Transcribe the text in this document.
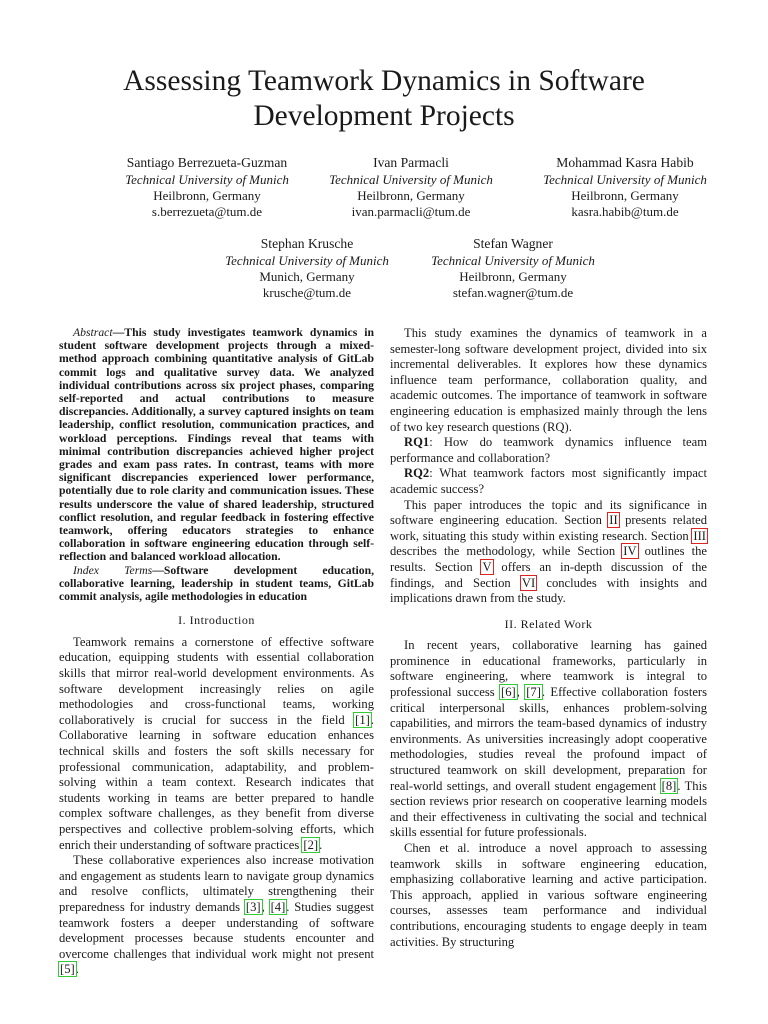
Assessing Teamwork Dynamics in Software Development Projects
Santiago Berrezueta-Guzman
Technical University of Munich
Heilbronn, Germany
s.berrezueta@tum.de
Ivan Parmacli
Technical University of Munich
Heilbronn, Germany
ivan.parmacli@tum.de
Mohammad Kasra Habib
Technical University of Munich
Heilbronn, Germany
kasra.habib@tum.de
Stephan Krusche
Technical University of Munich
Munich, Germany
krusche@tum.de
Stefan Wagner
Technical University of Munich
Heilbronn, Germany
stefan.wagner@tum.de

Abstract—This study investigates teamwork dynamics in student software development projects through a mixed-method approach combining quantitative analysis of GitLab commit logs and qualitative survey data. We analyzed individual contributions across six project phases, comparing self-reported and actual contributions to measure discrepancies. Additionally, a survey captured insights on team leadership, conflict resolution, communication practices, and workload perceptions. Findings reveal that teams with minimal contribution discrepancies achieved higher project grades and exam pass rates. In contrast, teams with more significant discrepancies experienced lower performance, potentially due to role clarity and communication issues. These results underscore the value of shared leadership, structured conflict resolution, and regular feedback in fostering effective teamwork, offering educators strategies to enhance collaboration in software engineering education through self-reflection and balanced workload allocation.

Index Terms—Software development education, collaborative learning, leadership in student teams, GitLab commit analysis, agile methodologies in education

I. Introduction

Teamwork remains a cornerstone of effective software education, equipping students with essential collaboration skills that mirror real-world development environments. As software development increasingly relies on agile methodologies and cross-functional teams, working collaboratively is crucial for success in the field [1]. Collaborative learning in software education enhances technical skills and fosters the soft skills necessary for professional communication, adaptability, and problem-solving within a team context. Research indicates that students working in teams are better prepared to handle complex software challenges, as they benefit from diverse perspectives and collective problem-solving efforts, which enrich their understanding of software practices [2].

These collaborative experiences also increase motivation and engagement as students learn to navigate group dynamics and resolve conflicts, ultimately strengthening their preparedness for industry demands [3], [4]. Studies suggest teamwork fosters a deeper understanding of software development processes because students encounter and overcome challenges that individual work might not present [5].

This study examines the dynamics of teamwork in a semester-long software development project, divided into six incremental deliverables. It explores how these dynamics influence team performance, collaboration quality, and academic outcomes. The importance of teamwork in software engineering education is emphasized mainly through the lens of two key research questions (RQ).

RQ1: How do teamwork dynamics influence team performance and collaboration?

RQ2: What teamwork factors most significantly impact academic success?

This paper introduces the topic and its significance in software engineering education. Section II presents related work, situating this study within existing research. Section III describes the methodology, while Section IV outlines the results. Section V offers an in-depth discussion of the findings, and Section VI concludes with insights and implications drawn from the study.

II. Related Work

In recent years, collaborative learning has gained prominence in educational frameworks, particularly in software engineering, where teamwork is integral to professional success [6], [7]. Effective collaboration fosters critical interpersonal skills, enhances problem-solving capabilities, and mirrors the team-based dynamics of industry environments. As universities increasingly adopt cooperative methodologies, studies reveal the profound impact of structured teamwork on skill development, preparation for real-world settings, and overall student engagement [8]. This section reviews prior research on cooperative learning models and their effectiveness in cultivating the social and technical skills essential for future professionals.

Chen et al. introduce a novel approach to assessing teamwork skills in software engineering education, emphasizing collaborative learning and active participation. This approach, applied in various software engineering courses, assesses team performance and individual contributions, encouraging students to engage deeply in team activities. By structuring
